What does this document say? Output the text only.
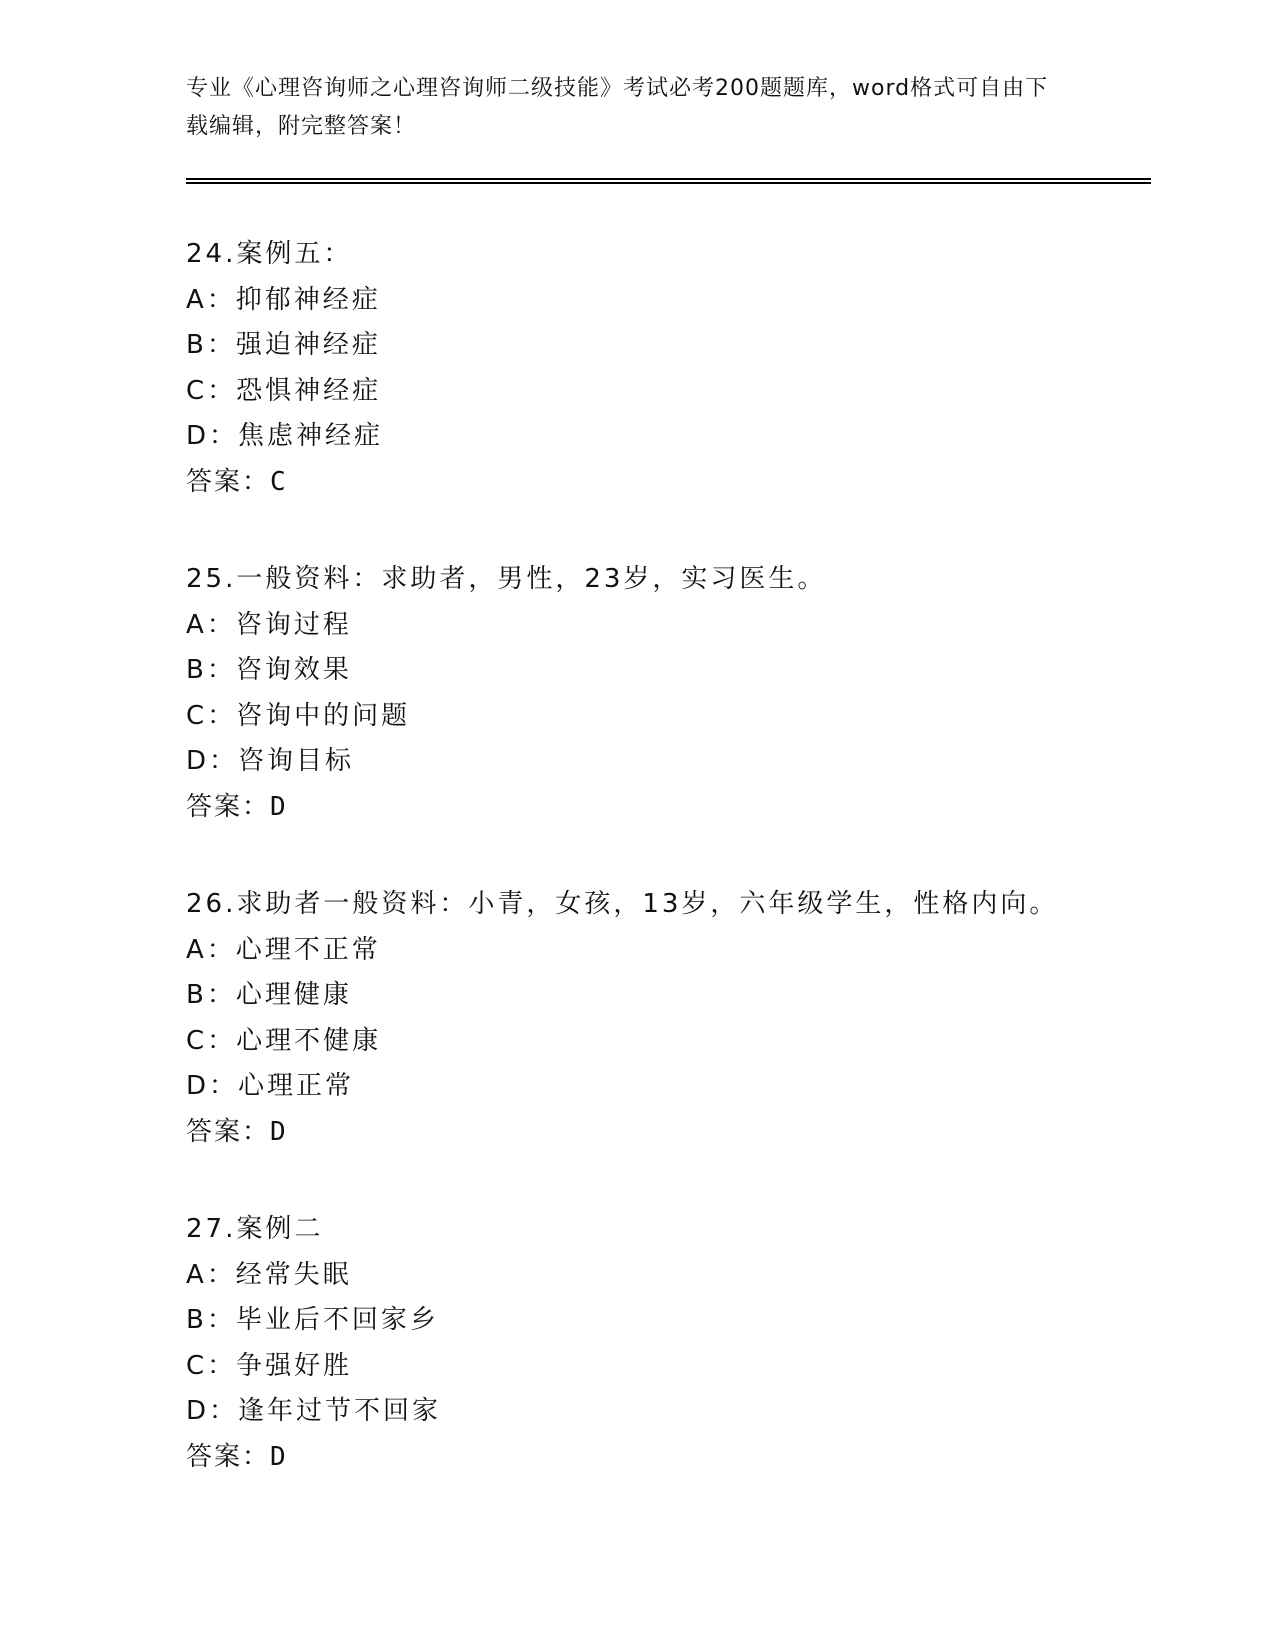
专业《心理咨询师之心理咨询师二级技能》考试必考200题题库，word格式可自由下载编辑，附完整答案！
24.案例五：
A：抑郁神经症
B：强迫神经症
C：恐惧神经症
D：焦虑神经症
答案：C
25.一般资料：求助者，男性，23岁，实习医生。
A：咨询过程
B：咨询效果
C：咨询中的问题
D：咨询目标
答案：D
26.求助者一般资料：小青，女孩，13岁，六年级学生，性格内向。
A：心理不正常
B：心理健康
C：心理不健康
D：心理正常
答案：D
27.案例二
A：经常失眠
B：毕业后不回家乡
C：争强好胜
D：逢年过节不回家
答案：D
